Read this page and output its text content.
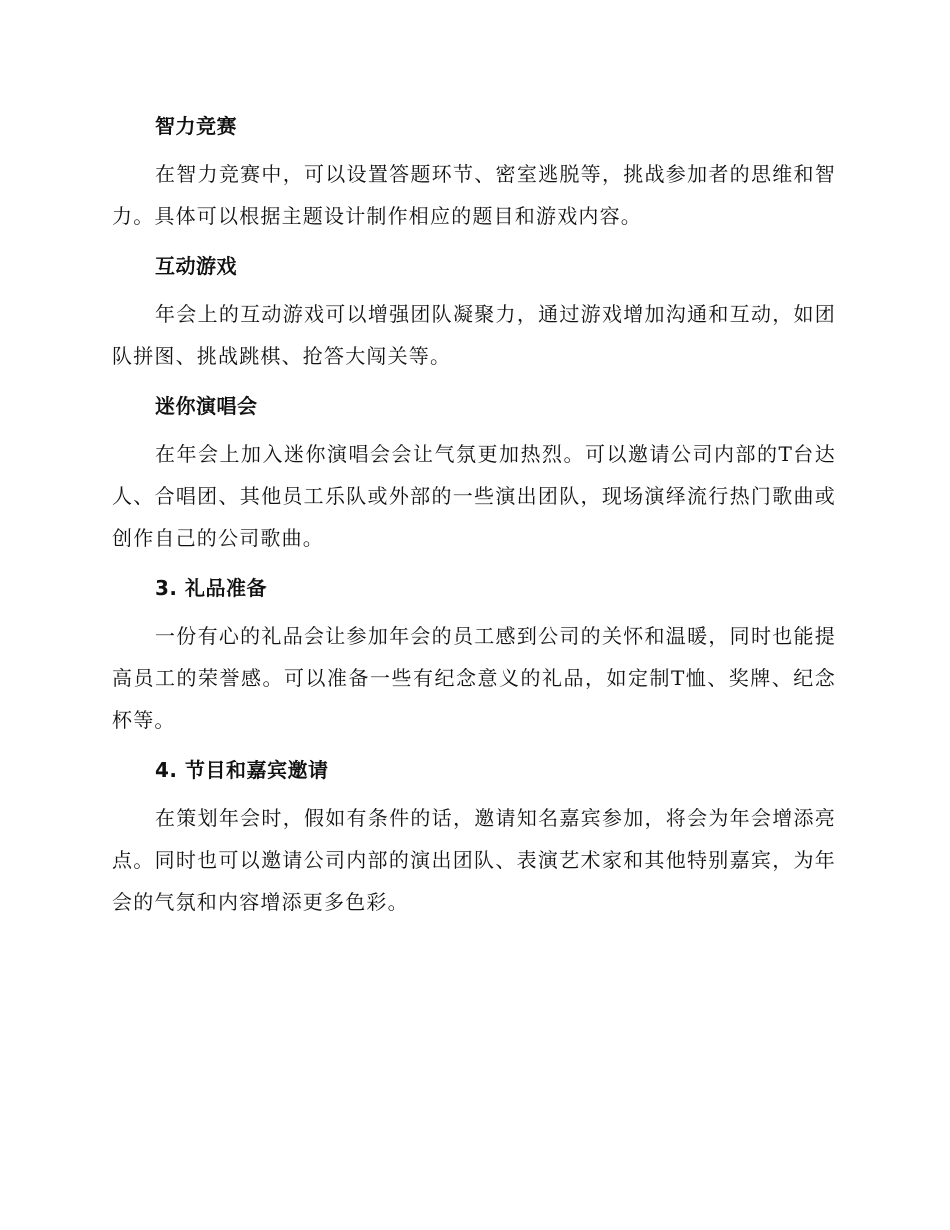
智力竞赛

在智力竞赛中，可以设置答题环节、密室逃脱等，挑战参加者的思维和智力。具体可以根据主题设计制作相应的题目和游戏内容。

互动游戏

年会上的互动游戏可以增强团队凝聚力，通过游戏增加沟通和互动，如团队拼图、挑战跳棋、抢答大闯关等。

迷你演唱会

在年会上加入迷你演唱会会让气氛更加热烈。可以邀请公司内部的T台达人、合唱团、其他员工乐队或外部的一些演出团队，现场演绎流行热门歌曲或创作自己的公司歌曲。

3. 礼品准备

一份有心的礼品会让参加年会的员工感到公司的关怀和温暖，同时也能提高员工的荣誉感。可以准备一些有纪念意义的礼品，如定制T恤、奖牌、纪念杯等。

4. 节目和嘉宾邀请

在策划年会时，假如有条件的话，邀请知名嘉宾参加，将会为年会增添亮点。同时也可以邀请公司内部的演出团队、表演艺术家和其他特别嘉宾，为年会的气氛和内容增添更多色彩。
